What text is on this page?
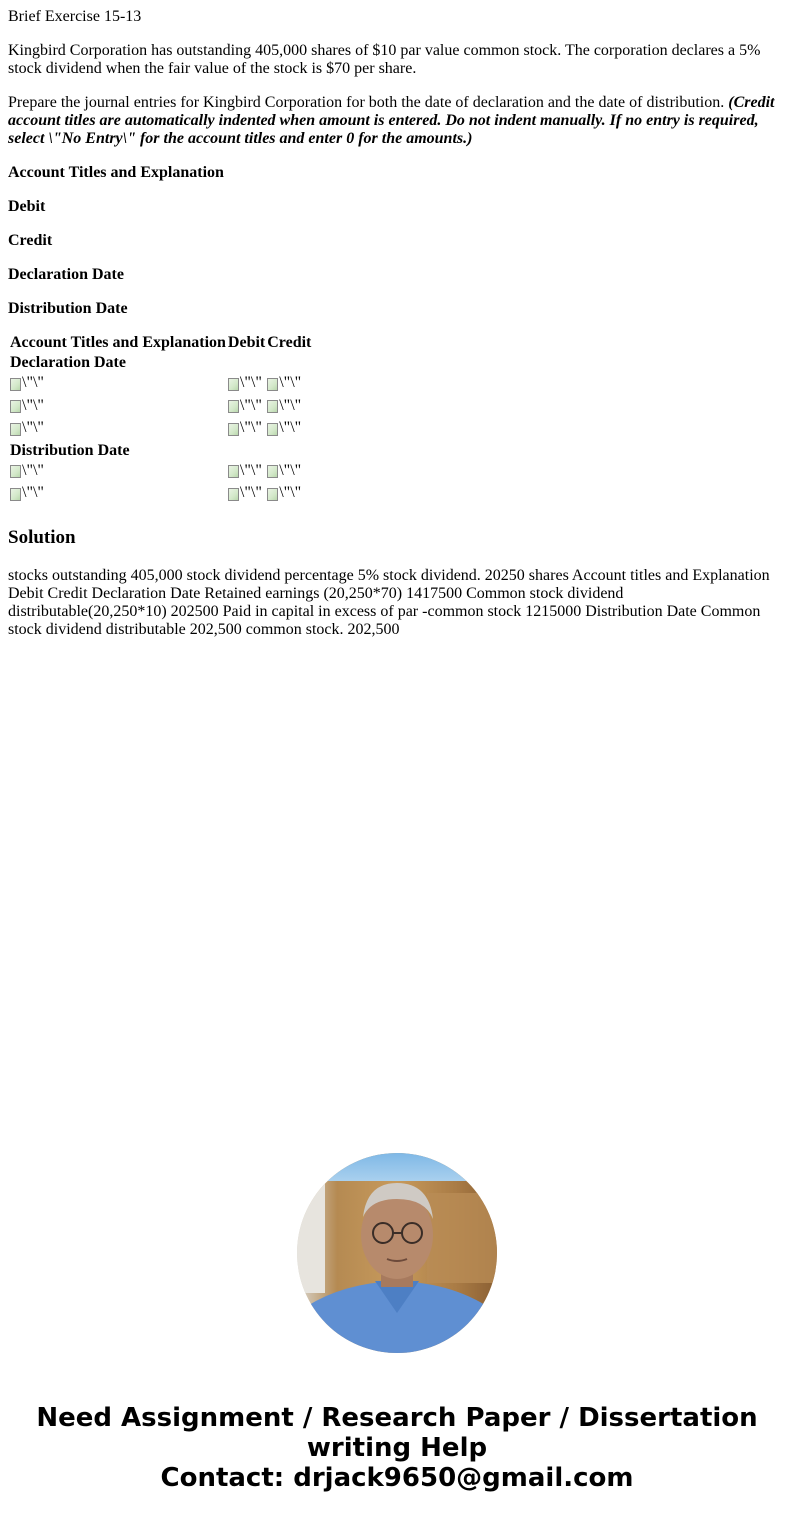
Brief Exercise 15-13

Kingbird Corporation has outstanding 405,000 shares of $10 par value common stock. The corporation declares a 5% stock dividend when the fair value of the stock is $70 per share.

Prepare the journal entries for Kingbird Corporation for both the date of declaration and the date of distribution. (Credit account titles are automatically indented when amount is entered. Do not indent manually. If no entry is required, select \"No Entry\" for the account titles and enter 0 for the amounts.)

Account Titles and Explanation

Debit

Credit

Declaration Date

Distribution Date

Account Titles and Explanation	Debit	Credit
Declaration Date		

\"\"	\"\"	\"\"

\"\"	\"\"	\"\"

\"\"	\"\"	\"\"

Distribution Date		

\"\"	\"\"	\"\"

\"\"	\"\"	\"\"
Solution

stocks outstanding 405,000 stock dividend percentage 5% stock dividend. 20250 shares Account titles and Explanation Debit Credit Declaration Date Retained earnings (20,250*70) 1417500 Common stock dividend distributable(20,250*10) 202500 Paid in capital in excess of par -common stock 1215000 Distribution Date Common stock dividend distributable 202,500 common stock. 202,500

Need Assignment / Research Paper / Dissertation writing Help
Contact: drjack9650@gmail.com
